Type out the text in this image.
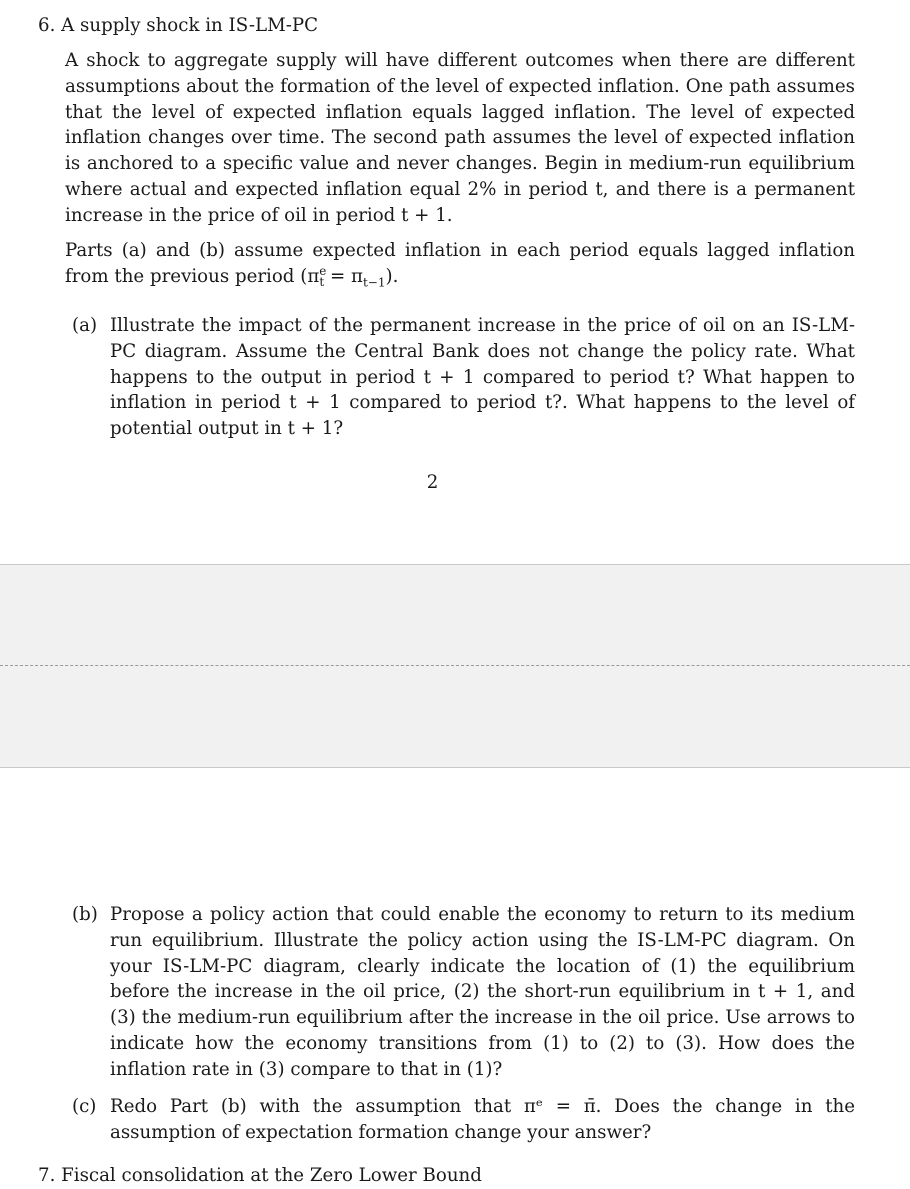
6. A supply shock in IS-LM-PC

A shock to aggregate supply will have different outcomes when there are different assumptions about the formation of the level of expected inflation. One path assumes that the level of expected inflation equals lagged inflation. The level of expected inflation changes over time. The second path assumes the level of expected inflation is anchored to a specific value and never changes. Begin in medium-run equilibrium where actual and expected inflation equal 2% in period t, and there is a permanent increase in the price of oil in period t + 1.

Parts (a) and (b) assume expected inflation in each period equals lagged inflation from the previous period $(\pi^e_t = \pi_{t-1})$.

(a) Illustrate the impact of the permanent increase in the price of oil on an IS-LM-PC diagram. Assume the Central Bank does not change the policy rate. What happens to the output in period t + 1 compared to period t? What happen to inflation in period t + 1 compared to period t?. What happens to the level of potential output in t + 1?

2
(b) Propose a policy action that could enable the economy to return to its medium run equilibrium. Illustrate the policy action using the IS-LM-PC diagram. On your IS-LM-PC diagram, clearly indicate the location of (1) the equilibrium before the increase in the oil price, (2) the short-run equilibrium in t + 1, and (3) the medium-run equilibrium after the increase in the oil price. Use arrows to indicate how the economy transitions from (1) to (2) to (3). How does the inflation rate in (3) compare to that in (1)?

(c) Redo Part (b) with the assumption that πᵉ = π̄. Does the change in the assumption of expectation formation change your answer?

7. Fiscal consolidation at the Zero Lower Bound
